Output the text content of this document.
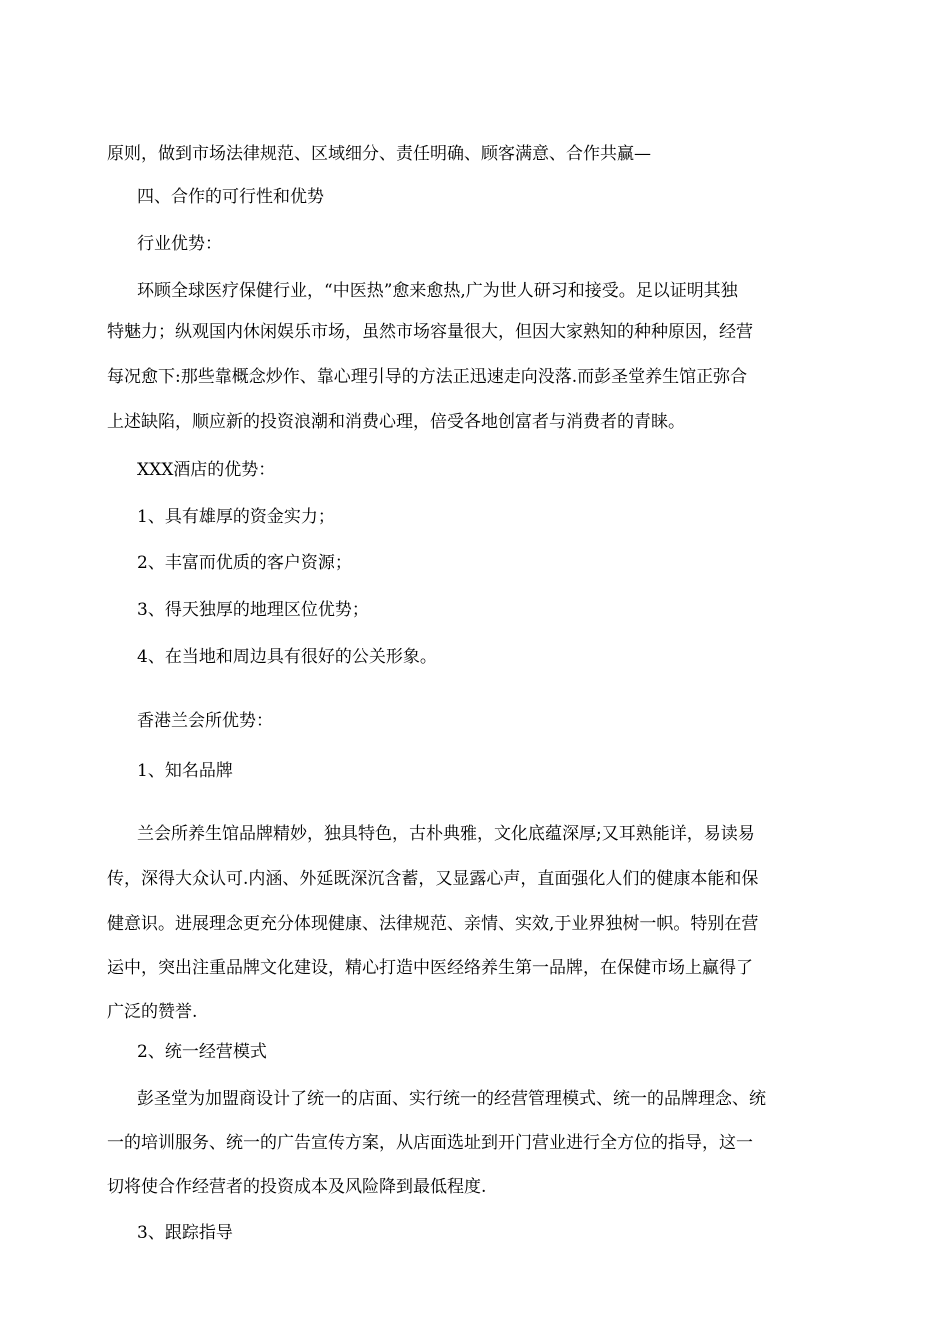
原则，做到市场法律规范、区域细分、责任明确、顾客满意、合作共赢—
四、合作的可行性和优势
行业优势：
环顾全球医疗保健行业，“中医热”愈来愈热,广为世人研习和接受。足以证明其独
特魅力；纵观国内休闲娱乐市场，虽然市场容量很大，但因大家熟知的种种原因，经营
每况愈下:那些靠概念炒作、靠心理引导的方法正迅速走向没落.而彭圣堂养生馆正弥合
上述缺陷，顺应新的投资浪潮和消费心理，倍受各地创富者与消费者的青睐。
XXX酒店的优势：
1、具有雄厚的资金实力；
2、丰富而优质的客户资源；
3、得天独厚的地理区位优势；
4、在当地和周边具有很好的公关形象。
香港兰会所优势：
1、知名品牌
兰会所养生馆品牌精妙，独具特色，古朴典雅，文化底蕴深厚;又耳熟能详，易读易
传，深得大众认可.内涵、外延既深沉含蓄，又显露心声，直面强化人们的健康本能和保
健意识。进展理念更充分体现健康、法律规范、亲情、实效,于业界独树一帜。特别在营
运中，突出注重品牌文化建设，精心打造中医经络养生第一品牌，在保健市场上赢得了
广泛的赞誉.
2、统一经营模式
彭圣堂为加盟商设计了统一的店面、实行统一的经营管理模式、统一的品牌理念、统
一的培训服务、统一的广告宣传方案，从店面选址到开门营业进行全方位的指导，这一
切将使合作经营者的投资成本及风险降到最低程度.
3、跟踪指导
